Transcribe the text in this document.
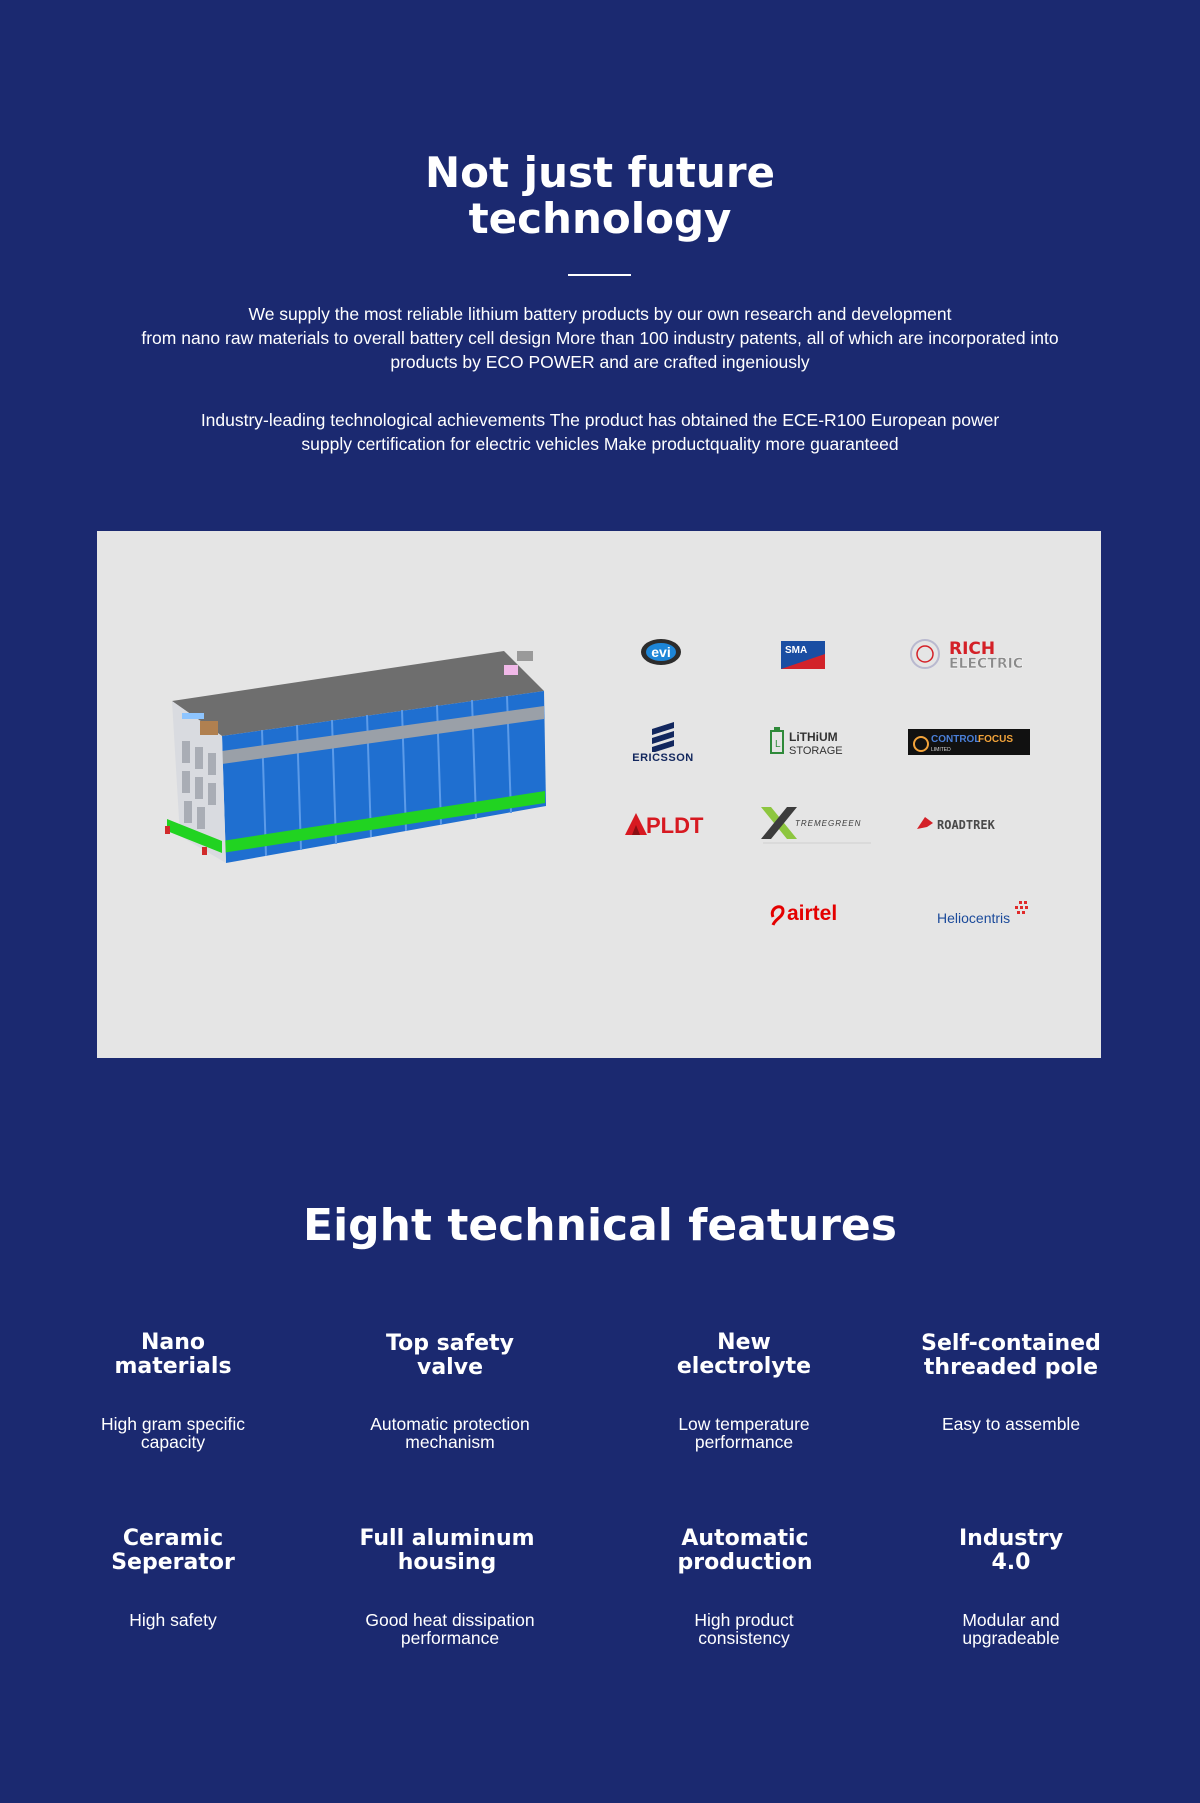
Not just future
technology

We supply the most reliable lithium battery products by our own research and development
from nano raw materials to overall battery cell design More than 100 industry patents, all of which are incorporated into
products by ECO POWER and are crafted ingeniously

Industry-leading technological achievements The product has obtained the ECE-R100 European power
supply certification for electric vehicles Make productquality more guaranteed

evi	SMA	RICH
ELECTRIC
ERICSSON
L
LiTHiUM
STORAGE
CONTROL
FOCUS
LIMITED
PLDT	TREMEGREEN	ROADTREK
airtel	Heliocentris
Eight technical features
Nano
materials

High gram specific
capacity

Top safety
valve

Automatic protection
mechanism

New
electrolyte

Low temperature
performance

Self-contained
threaded pole

Easy to assemble

Ceramic
Seperator

High safety

Full aluminum
housing

Good heat dissipation
performance

Automatic
production

High product
consistency

Industry
4.0

Modular and
upgradeable
